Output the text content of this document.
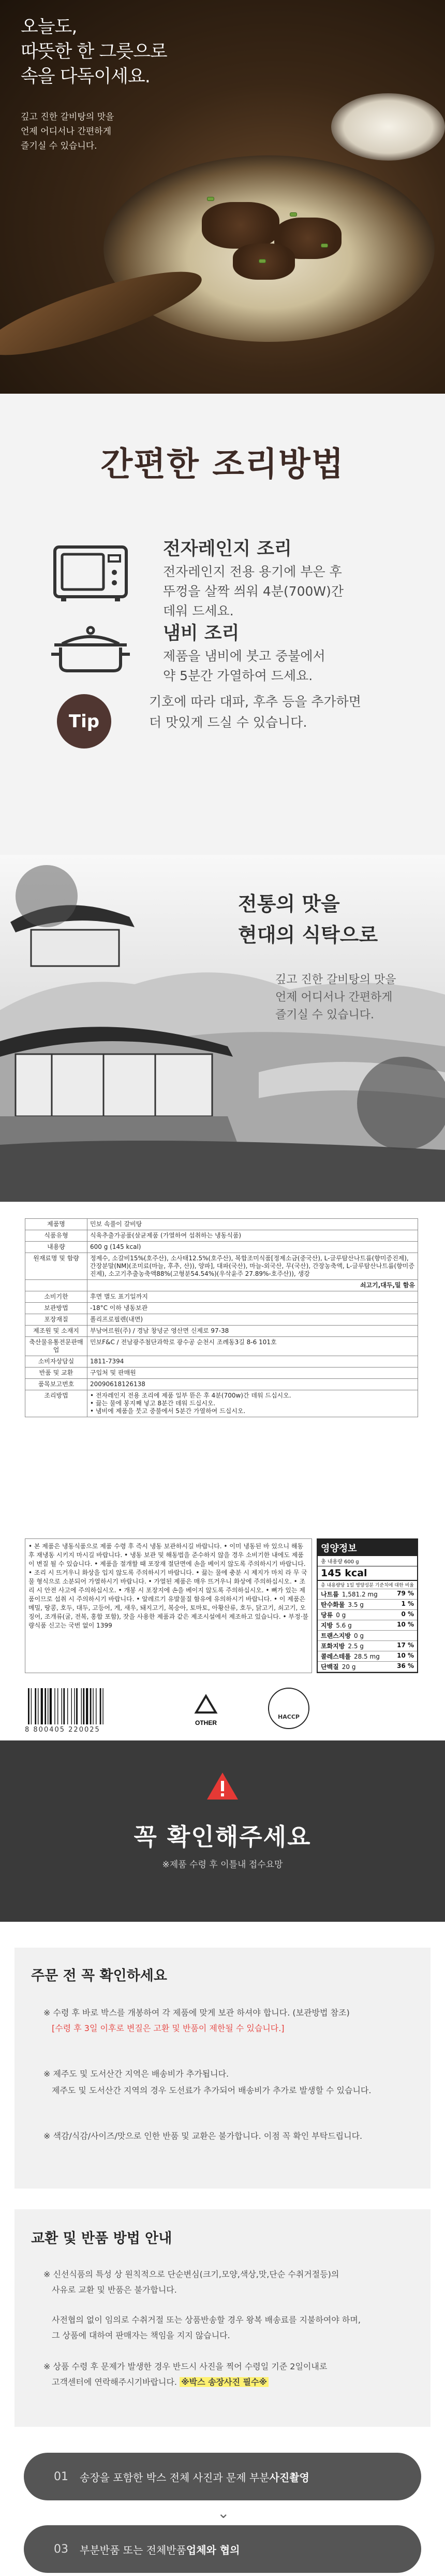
오늘도,
따뜻한 한 그릇으로
속을 다독이세요.

깊고 진한 갈비탕의 맛을
언제 어디서나 간편하게
즐기실 수 있습니다.

간편한 조리방법
전자레인지 조리
전자레인지 전용 용기에 부은 후
뚜껑을 살짝 씌워 4분(700W)간
데워 드세요.
냄비 조리
제품을 냄비에 붓고 중불에서
약 5분간 가열하여 드세요.
Tip
기호에 따라 대파, 후추 등을 추가하면
더 맛있게 드실 수 있습니다.
전통의 맛을
현대의 식탁으로

깊고 진한 갈비탕의 맛을
언제 어디서나 간편하게
즐기실 수 있습니다.

제품명	민보 속풀이 갈비탕
식품유형	식육추출가공품(살균제품 (가열하여 섭취하는 냉동식품)
내용량	600 g (145 kcal)
원재료명 및 함량	정제수, 소갈비15%(호주산), 소사태12.5%(호주산), 복합조미식품[정제소금(중국산), L-글루탐산나트륨(향미증진제), 간장분말(NM)(조미료(마늘, 후추, 산)), 양파], 대파(국산), 마늘-외국산, 무(국산), 간장농축액, L-글루탐산나트륨(향미증진제), 소고기추출농축액88%(고형분54.54%)(우삭윤주 27.89%-호주산)), 생강
	쇠고기,대두,밀 함유
소비기한	후면 별도 표기일까지
보관방법	-18°C 이하 냉동보관
포장재질	폴리프로필렌(내면)
제조원 및 소재지	부남여르원(주) / 경남 창녕군 영산면 신제로 97-38
축산물유통전문판매업	민보F&C / 전남광주첨단과학로 광수공 순천시 조례동3길 8-6 101호
소비자상담실	1811-7394
반품 및 교환	구입처 및 판매원
품목보고번호	20090618126138
조리방법	• 전자레인지 전용 조리에 제품 일부 뜯은 후 4분(700w)간 데워 드십시오.
• 끓는 물에 봉지째 넣고 8분간 데워 드십시오.
• 냄비에 제품을 붓고 중불에서 5분간 가열하여 드십시오.
• 본 제품은 냉동식품으로 제품 수령 후 즉시 냉동 보관하시길 바랍니다. • 이미 냉동된 바 있으니 해동 후 재냉동 시키지 마시길 바랍니다. • 냉동 보관 및 해동법을 준수하지 않을 경우 소비기한 내에도 제품 이 변질 될 수 있습니다. • 제품을 절개할 때 포장재 절단면에 손을 베이지 않도록 주의하시기 바랍니다. • 조리 시 뜨거우니 화상을 입지 않도록 주의하시기 바랍니다. • 끓는 물에 충분 시 제지가 마치 라 무 국물 형식으로 소분되어 가열하시기 바랍니다. • 가열된 제품은 매우 뜨거우니 화상에 주의하십시오. • 조리 시 안전 사고에 주의하십시오. • 개봉 시 포장지에 손을 베이지 않도록 주의하십시오. • 뼈가 있는 제품이므로 섭취 시 주의하시기 바랍니다. • 알레르기 유발물질 함유에 유의하시기 바랍니다. • 이 제품은 메밀, 땅콩, 호두, 대두, 고등어, 게, 새우, 돼지고기, 복숭아, 토마토, 아황산류, 호두, 닭고기, 쇠고기, 오징어, 조개류(굴, 전복, 홍합 포함), 잣을 사용한 제품과 같은 제조시설에서 제조하고 있습니다. • 부정·불량식품 신고는 국번 없이 1399
영양정보
총 내용량 600 g
145 kcal
총 내용량당 1일 영양성분 기준치에 대한 비율
나트륨 1,581.2 mg	79 %
탄수화물 3.5 g	1 %
당류 0 g	0 %
지방 5.6 g	10 %
트랜스지방 0 g
포화지방 2.5 g	17 %
콜레스테롤 28.5 mg	10 %
단백질 20 g	36 %
8 800405 220025
OTHER
HACCP
꼭 확인해주세요

※제품 수령 후 이틀내 접수요망

주문 전 꼭 확인하세요
※ 수령 후 바로 박스를 개봉하여 각 제품에 맞게 보관 하셔야 합니다. (보관방법 참조)
[수령 후 3일 이후로 변질은 고환 및 반품이 제한될 수 있습니다.]
※ 제주도 및 도서산간 지역은 배송비가 추가됩니다.
제주도 및 도서산간 지역의 경우 도선료가 추가되어 배송비가 추가로 발생할 수 있습니다.
※ 색감/식감/사이즈/맛으로 인한 반품 및 교환은 불가합니다. 이점 꼭 확인 부탁드립니다.
교환 및 반품 방법 안내
※ 신선식품의 특성 상 원칙적으로 단순변심(크기,모양,색상,맛,단순 수취거절등)의
사유로 교환 및 반품은 불가합니다.
사전협의 없이 임의로 수취거절 또는 상품반송할 경우 왕복 배송료를 지불하여야 하며,
그 상품에 대하여 판매자는 책임을 지지 않습니다.
※ 상품 수령 후 문제가 발생한 경우 반드시 사진을 찍어 수령일 기준 2일이내로
고객센터에 연락해주시기바랍니다. ※박스 송장사진 필수※
01 송장을 포함한 박스 전체 사진과 문제 부분 사진촬영
⌄
03 부분반품 또는 전체반품 업체와 협의
